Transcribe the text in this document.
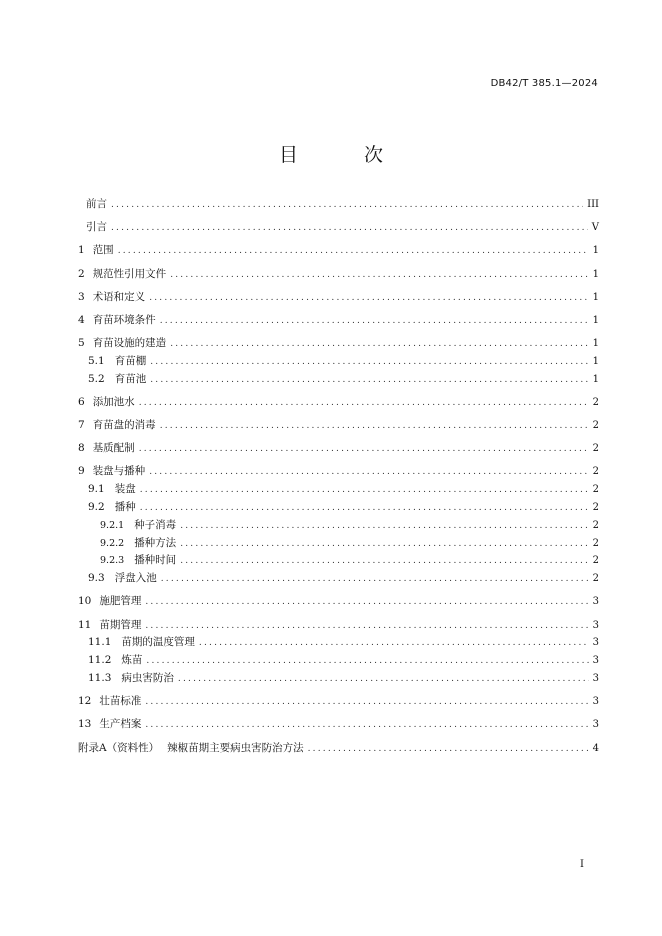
DB42/T 385.1—2024
目 次
前言 .....	III
引言 .....	V
1 范围 .....	1
2 规范性引用文件 .....	1
3 术语和定义 .....	1
4 育苗环境条件 .....	1
5 育苗设施的建造 .....	1
5.1 育苗棚 .....	1
5.2 育苗池 .....	1
6 添加池水 .....	2
7 育苗盘的消毒 .....	2
8 基质配制 .....	2
9 装盘与播种 .....	2
9.1 装盘 .....	2
9.2 播种 .....	2
9.2.1 种子消毒 .....	2
9.2.2 播种方法 .....	2
9.2.3 播种时间 .....	2
9.3 浮盘入池 .....	2
10 施肥管理 .....	3
11 苗期管理 .....	3
11.1 苗期的温度管理 .....	3
11.2 炼苗 .....	3
11.3 病虫害防治 .....	3
12 壮苗标准 .....	3
13 生产档案 .....	3
附录A（资料性） 辣椒苗期主要病虫害防治方法 .....	4
I
